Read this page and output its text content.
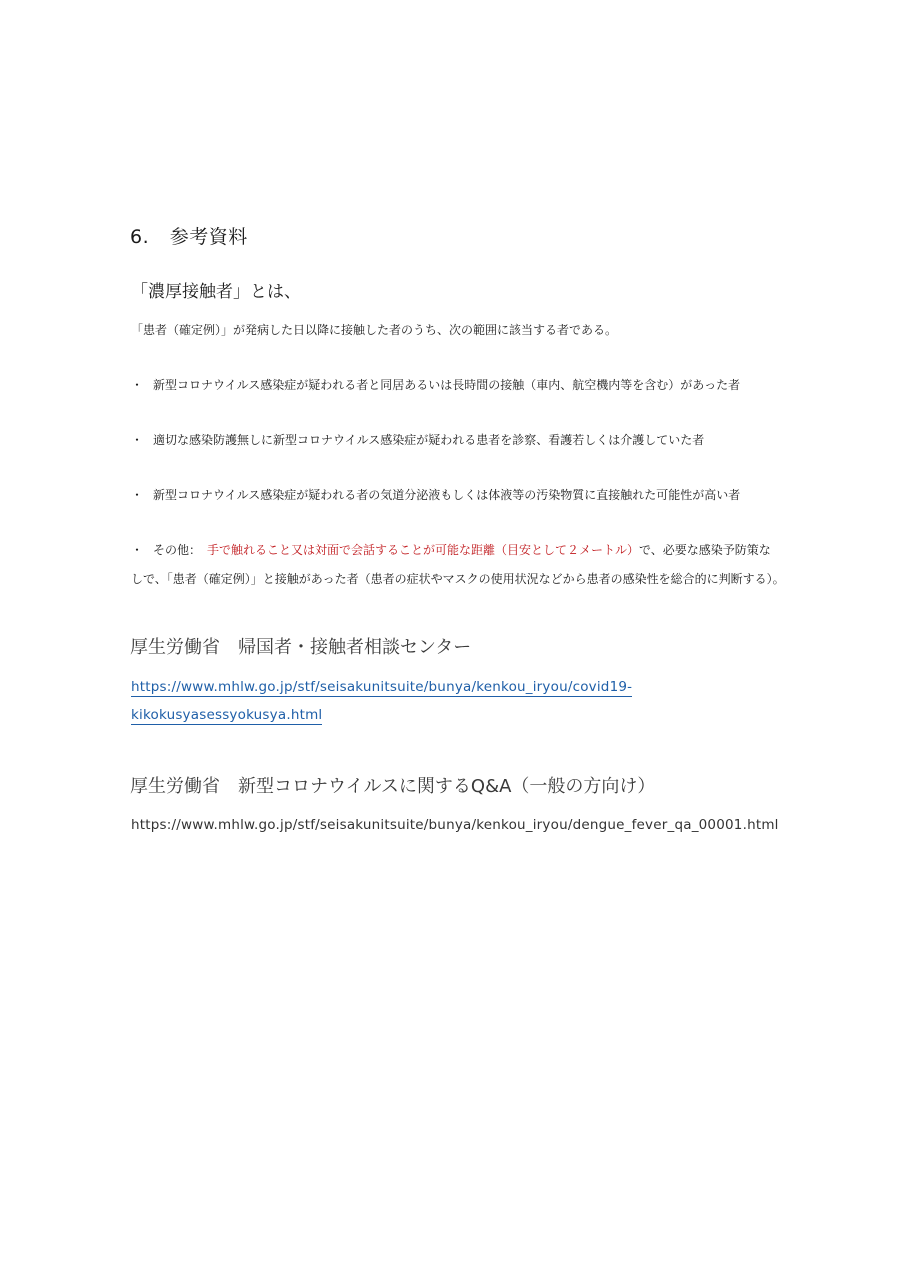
6. 参考資料
「濃厚接触者」とは、
「患者（確定例）」が発病した日以降に接触した者のうち、次の範囲に該当する者である。
・ 新型コロナウイルス感染症が疑われる者と同居あるいは長時間の接触（車内、航空機内等を含む）があった者
・ 適切な感染防護無しに新型コロナウイルス感染症が疑われる患者を診察、看護若しくは介護していた者
・ 新型コロナウイルス感染症が疑われる者の気道分泌液もしくは体液等の汚染物質に直接触れた可能性が高い者
・ その他： 手で触れること又は対面で会話することが可能な距離（目安として２メートル）で、必要な感染予防策な
しで、「患者（確定例）」と接触があった者（患者の症状やマスクの使用状況などから患者の感染性を総合的に判断する）。
厚生労働省　帰国者・接触者相談センター
https://www.mhlw.go.jp/stf/seisakunitsuite/bunya/kenkou_iryou/covid19-
kikokusyasessyokusya.html
厚生労働省　新型コロナウイルスに関するQ&A（一般の方向け）
https://www.mhlw.go.jp/stf/seisakunitsuite/bunya/kenkou_iryou/dengue_fever_qa_00001.html
